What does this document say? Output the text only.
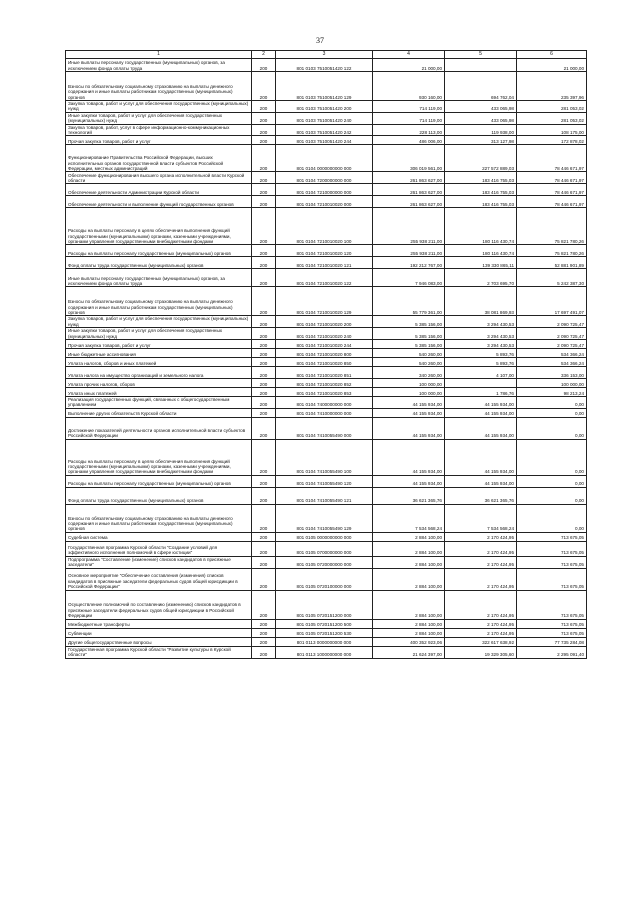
37
1	2	3	4	5	6
Иные выплаты персоналу государственных (муниципальных) органов, за исключением фонда оплаты труда	200	801 0103 7510051420 122	21 000,00		21 000,00
Взносы по обязательному социальному страхованию на выплаты денежного содержания и иные выплаты работникам государственных (муниципальных) органов	200	801 0103 7510051420 129	930 160,00	694 762,04	235 397,96
Закупка товаров, работ и услуг для обеспечения государственных (муниципальных) нужд	200	801 0103 7510051420 200	714 119,00	433 065,98	281 053,02
Иные закупки товаров, работ и услуг для обеспечения государственных (муниципальных) нужд	200	801 0103 7510051420 240	714 119,00	433 065,98	281 053,02
Закупка товаров, работ, услуг в сфере информационно-коммуникационных технологий	200	801 0103 7510051420 242	228 113,00	119 938,00	108 175,00
Прочая закупка товаров, работ и услуг	200	801 0103 7510051420 244	486 006,00	313 127,98	172 878,02
Функционирование Правительства Российской Федерации, высших исполнительных органов государственной власти субъектов Российской Федерации, местных администраций	200	801 0104 0000000000 000	306 019 561,00	227 572 889,03	78 446 671,97
Обеспечение функционирования высшего органа исполнительной власти Курской области	200	801 0104 7200000000 000	261 863 627,00	183 416 755,03	78 446 671,97
Обеспечение деятельности Администрации Курской области	200	801 0104 7210000000 000	261 863 627,00	183 416 755,03	78 446 671,97
Обеспечение деятельности и выполнение функций государственных органов	200	801 0104 7210010020 000	261 863 627,00	183 416 755,03	78 446 671,97
Расходы на выплаты персоналу в целях обеспечения выполнения функций государственными (муниципальными) органами, казенными учреждениями, органами управления государственными внебюджетными фондами	200	801 0104 7210010020 100	255 938 211,00	180 116 430,74	75 821 780,26
Расходы на выплаты персоналу государственных (муниципальных) органов	200	801 0104 7210010020 120	255 938 211,00	180 116 430,74	75 821 780,26
Фонд оплаты труда государственных (муниципальных) органов	200	801 0104 7210010020 121	192 212 767,00	139 330 865,11	52 881 901,89
Иные выплаты персоналу государственных (муниципальных) органов, за исключением фонда оплаты труда	200	801 0104 7210010020 122	7 946 083,00	2 703 695,70	5 242 387,30
Взносы по обязательному социальному страхованию на выплаты денежного содержания и иные выплаты работникам государственных (муниципальных) органов	200	801 0104 7210010020 129	55 779 361,00	38 081 869,93	17 697 491,07
Закупка товаров, работ и услуг для обеспечения государственных (муниципальных) нужд	200	801 0104 7210010020 200	5 385 156,00	3 294 430,53	2 090 725,47
Иные закупки товаров, работ и услуг для обеспечения государственных (муниципальных) нужд	200	801 0104 7210010020 240	5 385 156,00	3 294 430,53	2 090 725,47
Прочая закупка товаров, работ и услуг	200	801 0104 7210010020 244	5 385 156,00	3 294 430,53	2 090 725,47
Иные бюджетные ассигнования	200	801 0104 7210010020 800	540 260,00	5 893,76	534 366,24
Уплата налогов, сборов и иных платежей	200	801 0104 7210010020 850	540 260,00	5 893,76	534 366,24
Уплата налога на имущество организаций и земельного налога	200	801 0104 7210010020 851	340 260,00	4 107,00	336 153,00
Уплата прочих налогов, сборов	200	801 0104 7210010020 852	100 000,00		100 000,00
Уплата иных платежей	200	801 0104 7210010020 853	100 000,00	1 786,76	98 213,24
Реализация государственных функций, связанных с общегосударственным управлением	200	801 0104 7400000000 000	44 155 934,00	44 155 934,00	0,00
Выполнение других обязательств Курской области	200	801 0104 7410000000 000	44 155 934,00	44 155 934,00	0,00
Достижение показателей деятельности органов исполнительной власти субъектов Российской Федерации	200	801 0104 7410055490 000	44 155 934,00	44 155 934,00	0,00
Расходы на выплаты персоналу в целях обеспечения выполнения функций государственными (муниципальными) органами, казенными учреждениями, органами управления государственными внебюджетными фондами	200	801 0104 7410055490 100	44 155 934,00	44 155 934,00	0,00
Расходы на выплаты персоналу государственных (муниципальных) органов	200	801 0104 7410055490 120	44 155 934,00	44 155 934,00	0,00
Фонд оплаты труда государственных (муниципальных) органов	200	801 0104 7410055490 121	36 621 365,76	36 621 365,76	0,00
Взносы по обязательному социальному страхованию на выплаты денежного содержания и иные выплаты работникам государственных (муниципальных) органов	200	801 0104 7410055490 129	7 534 568,24	7 534 568,24	0,00
Судебная система	200	801 0105 0000000000 000	2 884 100,00	2 170 424,95	713 675,05
Государственная программа Курской области "Создание условий для эффективного исполнения полномочий в сфере юстиции"	200	801 0105 0700000000 000	2 884 100,00	2 170 424,95	713 675,05
Подпрограмма "Составление (изменение) списков кандидатов в присяжные заседатели"	200	801 0105 0720000000 000	2 884 100,00	2 170 424,95	713 675,05
Основное мероприятие "Обеспечение составления (изменения) списков кандидатов в присяжные заседатели федеральных судов общей юрисдикции в Российской Федерации"	200	801 0105 0720100000 000	2 884 100,00	2 170 424,95	713 675,05
Осуществление полномочий по составлению (изменению) списков кандидатов в присяжные заседатели федеральных судов общей юрисдикции в Российской Федерации	200	801 0105 0720151200 000	2 884 100,00	2 170 424,95	713 675,05
Межбюджетные трансферты	200	801 0105 0720151200 500	2 884 100,00	2 170 424,95	713 675,05
Субвенции	200	801 0105 0720151200 530	2 884 100,00	2 170 424,95	713 675,05
Другие общегосударственные вопросы	200	801 0113 0000000000 000	400 352 923,06	322 617 638,92	77 735 284,08
Государственная программа Курской области "Развитие культуры в Курской области"	200	801 0113 1000000000 000	21 624 397,00	19 329 305,60	2 295 091,40
